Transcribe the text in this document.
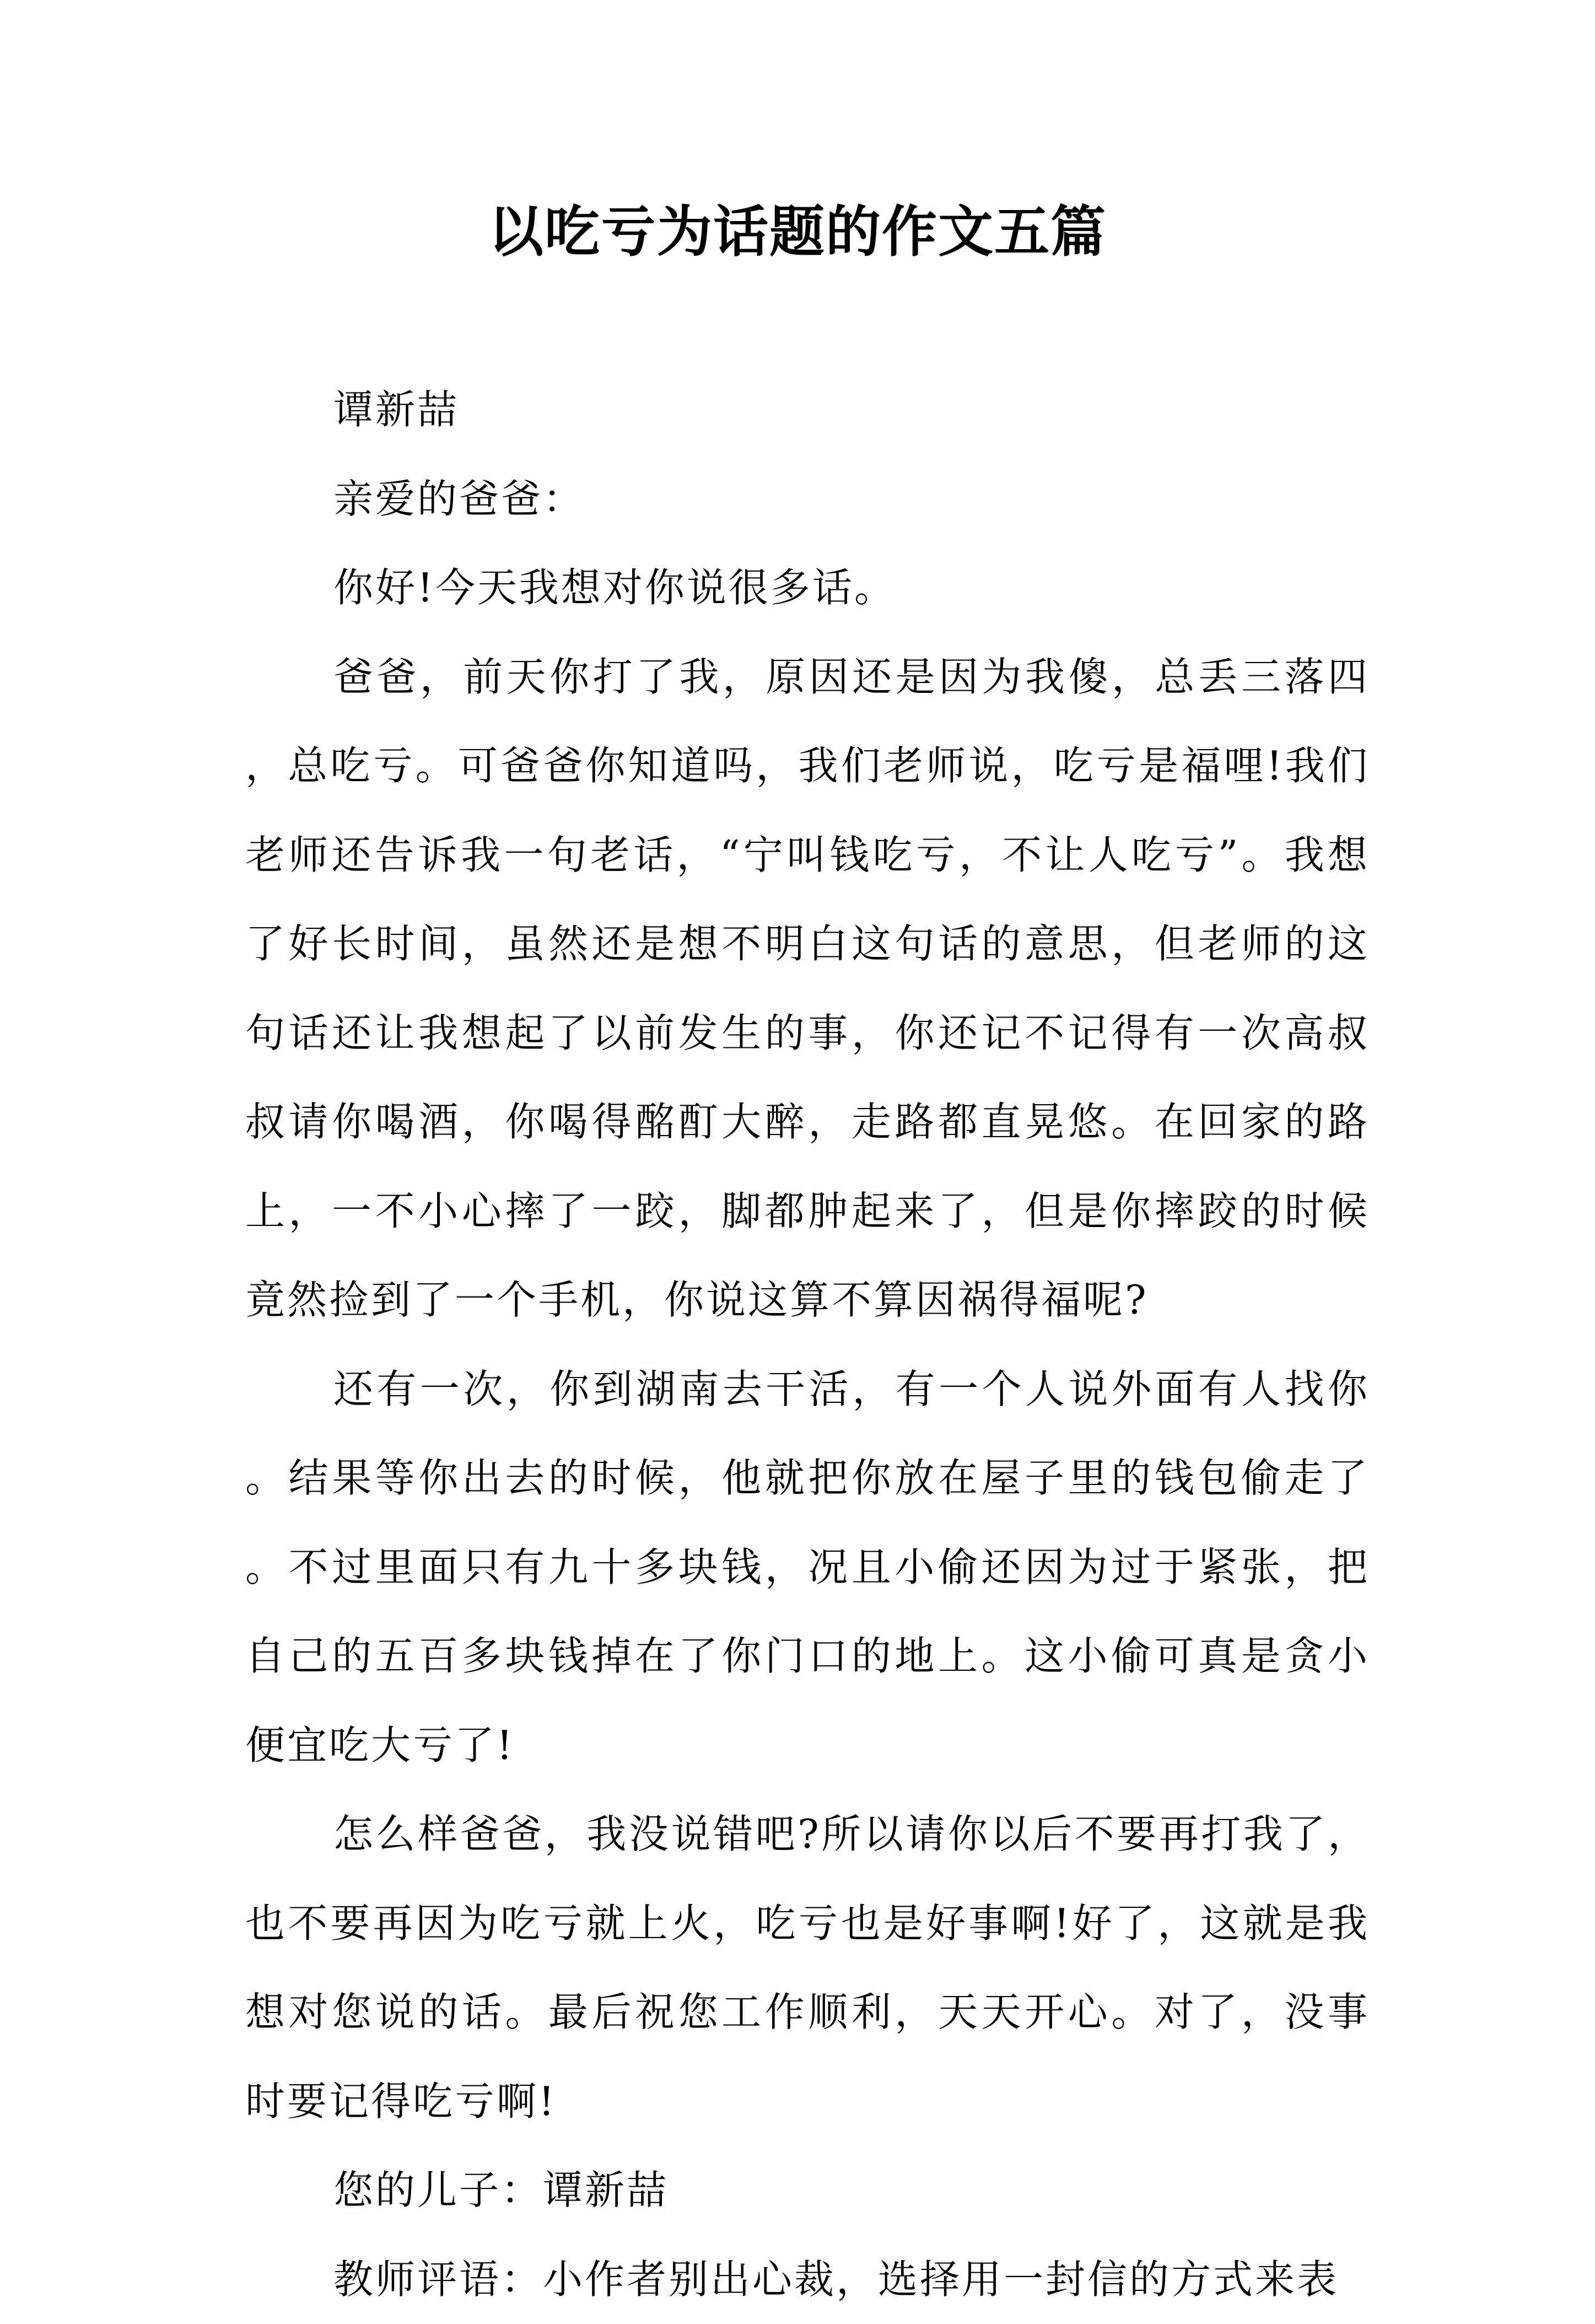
以吃亏为话题的作文五篇

谭新喆

亲爱的爸爸：

你好!今天我想对你说很多话。

爸爸，前天你打了我，原因还是因为我傻，总丢三落四，总吃亏。可爸爸你知道吗，我们老师说，吃亏是福哩!我们老师还告诉我一句老话，“宁叫钱吃亏，不让人吃亏”。我想了好长时间，虽然还是想不明白这句话的意思，但老师的这句话还让我想起了以前发生的事，你还记不记得有一次高叔叔请你喝酒，你喝得酩酊大醉，走路都直晃悠。在回家的路上，一不小心摔了一跤，脚都肿起来了，但是你摔跤的时候竟然捡到了一个手机，你说这算不算因祸得福呢?

还有一次，你到湖南去干活，有一个人说外面有人找你。结果等你出去的时候，他就把你放在屋子里的钱包偷走了。不过里面只有九十多块钱，况且小偷还因为过于紧张，把自己的五百多块钱掉在了你门口的地上。这小偷可真是贪小便宜吃大亏了!

怎么样爸爸，我没说错吧?所以请你以后不要再打我了，也不要再因为吃亏就上火，吃亏也是好事啊!好了，这就是我想对您说的话。最后祝您工作顺利，天天开心。对了，没事时要记得吃亏啊!

您的儿子：谭新喆

教师评语：小作者别出心裁，选择用一封信的方式来表
